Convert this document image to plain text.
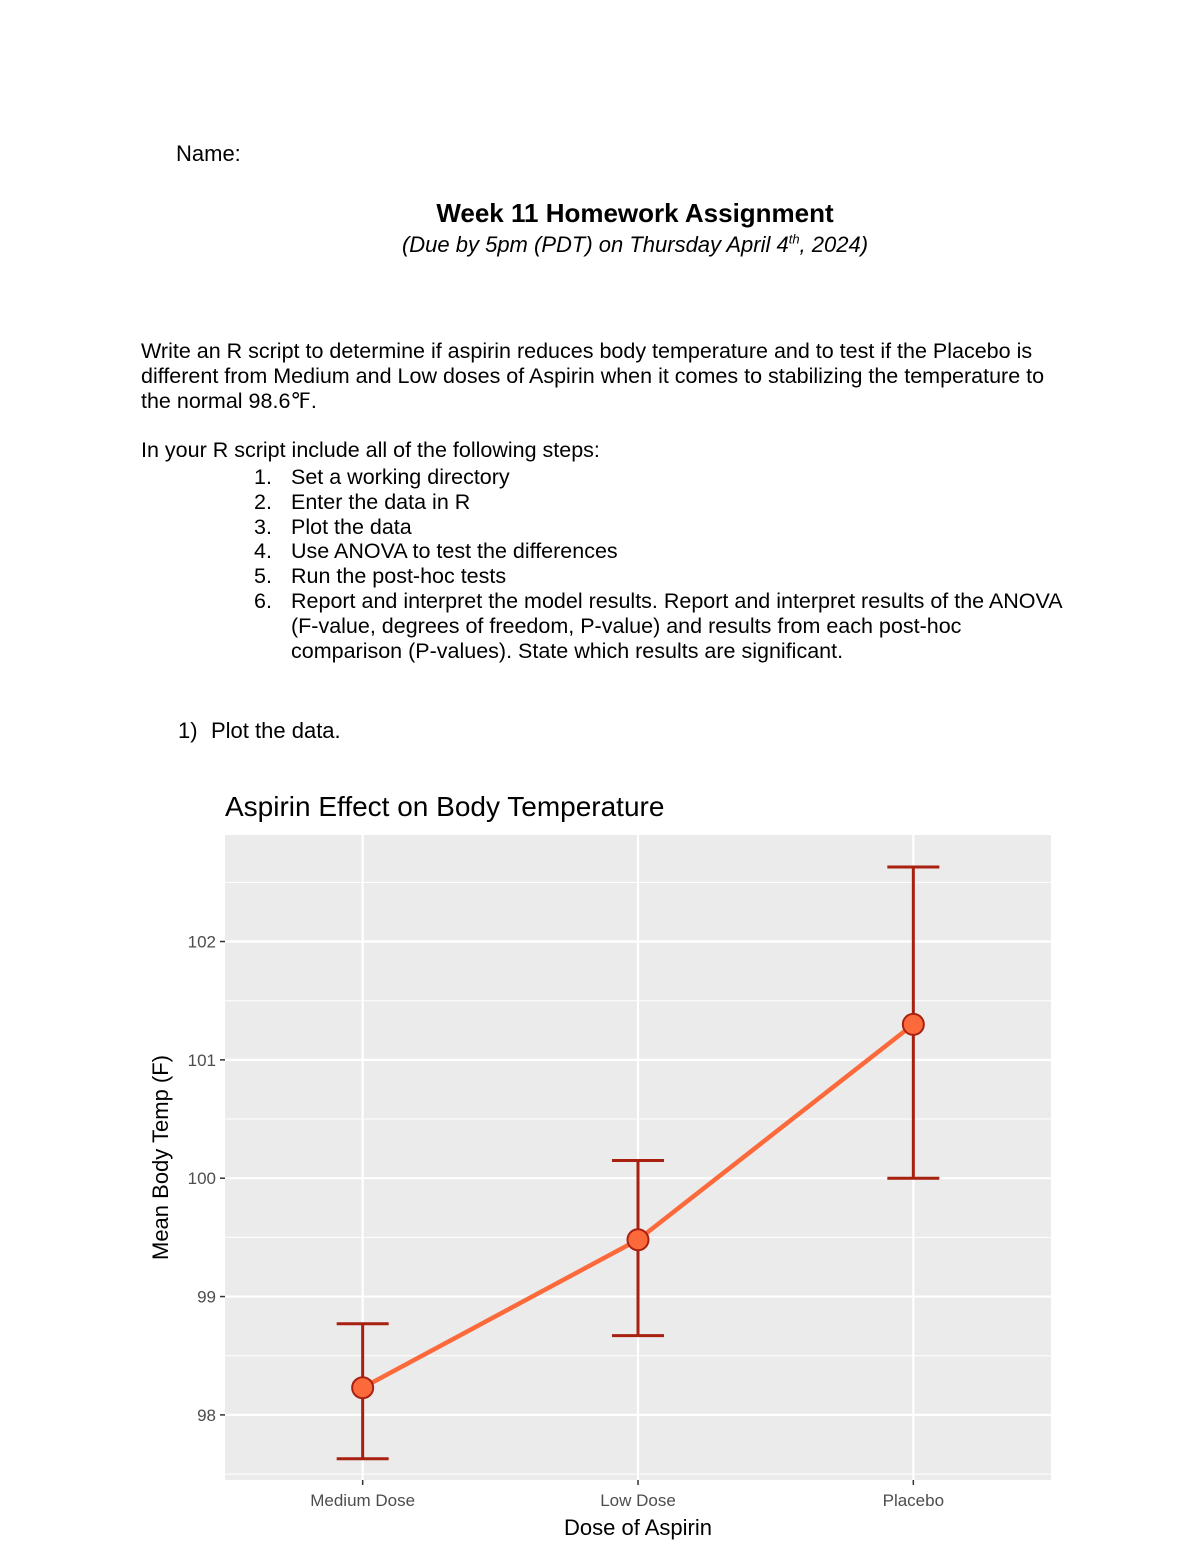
Name:
Week 11 Homework Assignment
(Due by 5pm (PDT) on Thursday April 4th, 2024)
Write an R script to determine if aspirin reduces body temperature and to test if the Placebo is different from Medium and Low doses of Aspirin when it comes to stabilizing the temperature to the normal 98.6℉.
In your R script include all of the following steps:
1. Set a working directory
2. Enter the data in R
3. Plot the data
4. Use ANOVA to test the differences
5. Run the post-hoc tests
6. Report and interpret the model results. Report and interpret results of the ANOVA (F-value, degrees of freedom, P-value) and results from each post-hoc comparison (P-values). State which results are significant.
1) Plot the data.
Aspirin Effect on Body Temperature
98
99
100
101
102
Medium Dose	Low Dose	Placebo
Dose of Aspirin
Mean Body Temp (F)
